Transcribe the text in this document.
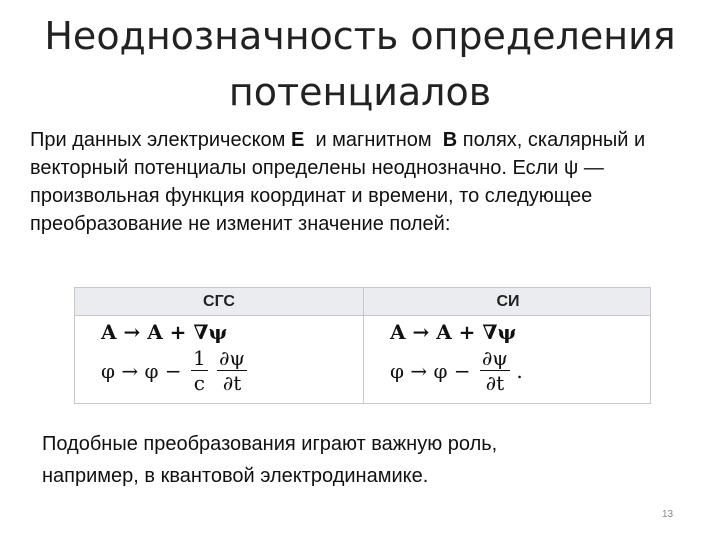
Неоднозначность определения
потенциалов
При данных электрическом E  и магнитном  B полях, скалярный и векторный потенциалы определены неоднозначно. Если ψ — произвольная функция координат и времени, то следующее преобразование не изменит значение полей:
СГС	СИ
A → A + ∇ψ
$\varphi \to \varphi - \frac{1}{c}$
$\frac{\partial\psi}{\partial t}$
A → A + ∇ψ
$\varphi \to \varphi - \frac{\partial\psi}{\partial t}$ .
Подобные преобразования играют важную роль,
например, в квантовой электродинамике.
13
